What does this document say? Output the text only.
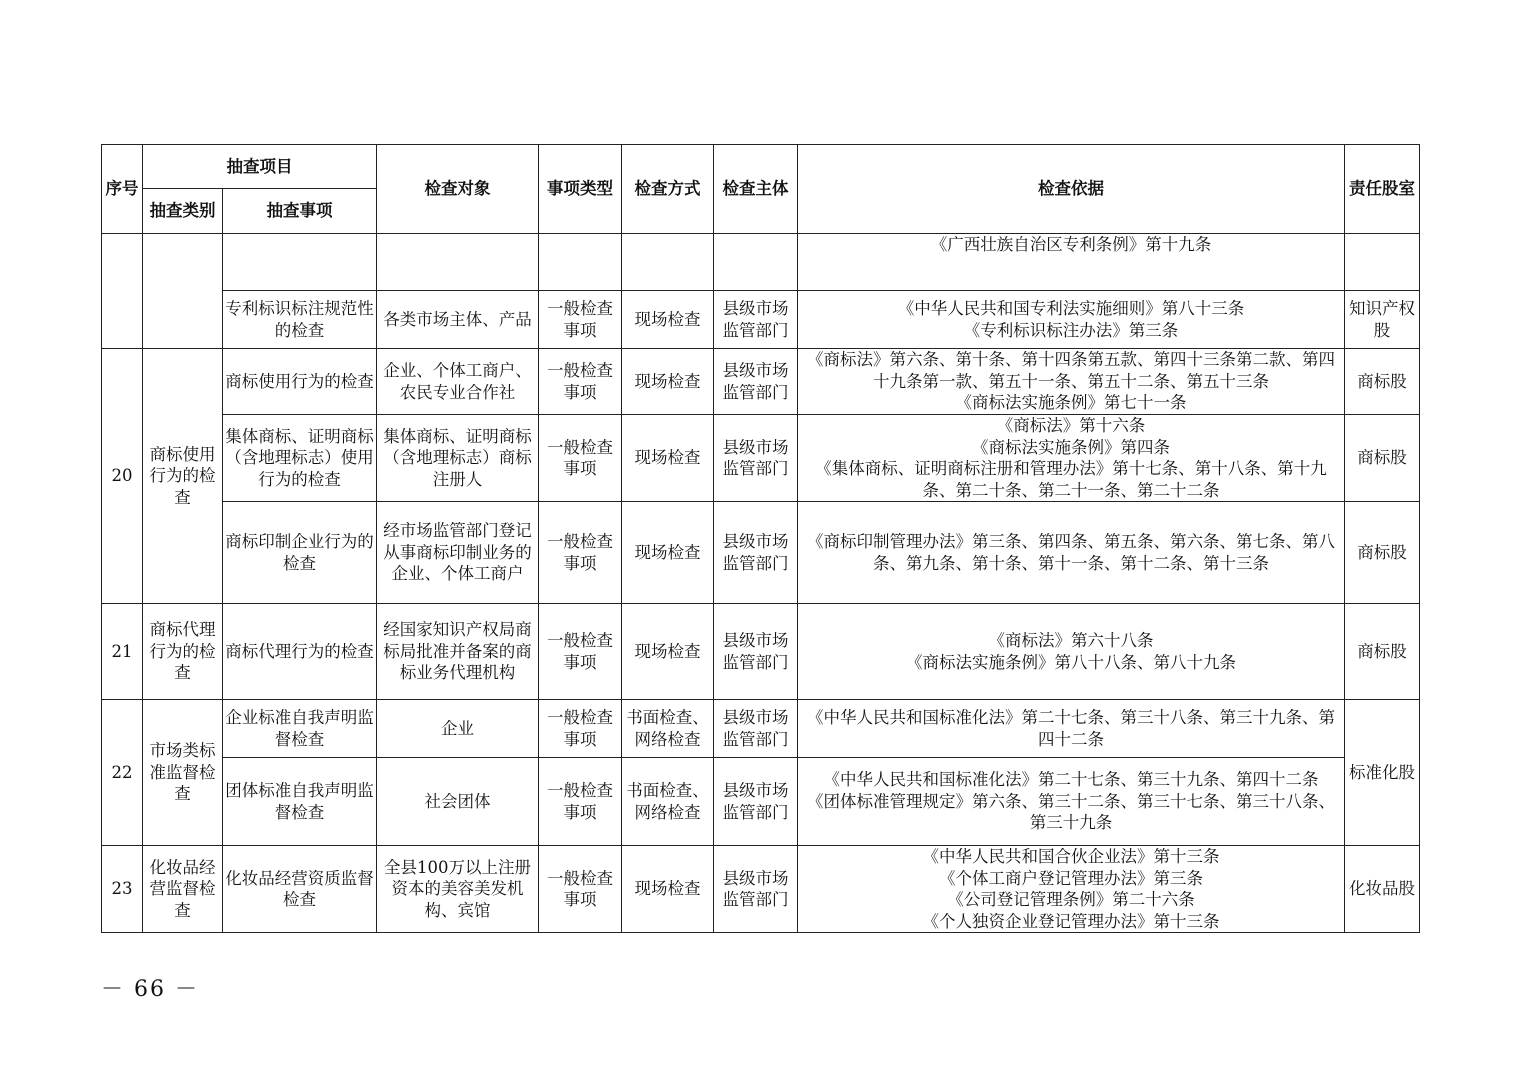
序号	抽查项目		检查对象	事项类型	检查方式	检查主体	检查依据	责任股室
	抽查类别	抽查事项						

							《广西壮族自治区专利条例》第十九条	

		专利标识标注规范性的检查	各类市场主体、产品	一般检查事项	现场检查	县级市场监管部门	《中华人民共和国专利法实施细则》第八十三条
《专利标识标注办法》第三条	知识产权股
20	商标使用行为的检查	商标使用行为的检查	企业、个体工商户、农民专业合作社	一般检查事项	现场检查	县级市场监管部门	《商标法》第六条、第十条、第十四条第五款、第四十三条第二款、第四十九条第一款、第五十一条、第五十二条、第五十三条
《商标法实施条例》第七十一条	商标股
		集体商标、证明商标（含地理标志）使用行为的检查	集体商标、证明商标（含地理标志）商标注册人	一般检查事项	现场检查	县级市场监管部门	《商标法》第十六条
《商标法实施条例》第四条
《集体商标、证明商标注册和管理办法》第十七条、第十八条、第十九条、第二十条、第二十一条、第二十二条	商标股
		商标印制企业行为的检查	经市场监管部门登记从事商标印制业务的企业、个体工商户	一般检查事项	现场检查	县级市场监管部门	《商标印制管理办法》第三条、第四条、第五条、第六条、第七条、第八条、第九条、第十条、第十一条、第十二条、第十三条	商标股
21	商标代理行为的检查	商标代理行为的检查	经国家知识产权局商标局批准并备案的商标业务代理机构	一般检查事项	现场检查	县级市场监管部门	《商标法》第六十八条
《商标法实施条例》第八十八条、第八十九条	商标股
22	市场类标准监督检查	企业标准自我声明监督检查	企业	一般检查事项	书面检查、网络检查	县级市场监管部门	《中华人民共和国标准化法》第二十七条、第三十八条、第三十九条、第四十二条	标准化股
		团体标准自我声明监督检查	社会团体	一般检查事项	书面检查、网络检查	县级市场监管部门	《中华人民共和国标准化法》第二十七条、第三十九条、第四十二条
《团体标准管理规定》第六条、第三十二条、第三十七条、第三十八条、第三十九条	

23	化妆品经营监督检查	化妆品经营资质监督检查	全县100万以上注册资本的美容美发机构、宾馆	一般检查事项	现场检查	县级市场监管部门	《中华人民共和国合伙企业法》第十三条
《个体工商户登记管理办法》第三条
《公司登记管理条例》第二十六条
《个人独资企业登记管理办法》第十三条	化妆品股
－ 66 －
